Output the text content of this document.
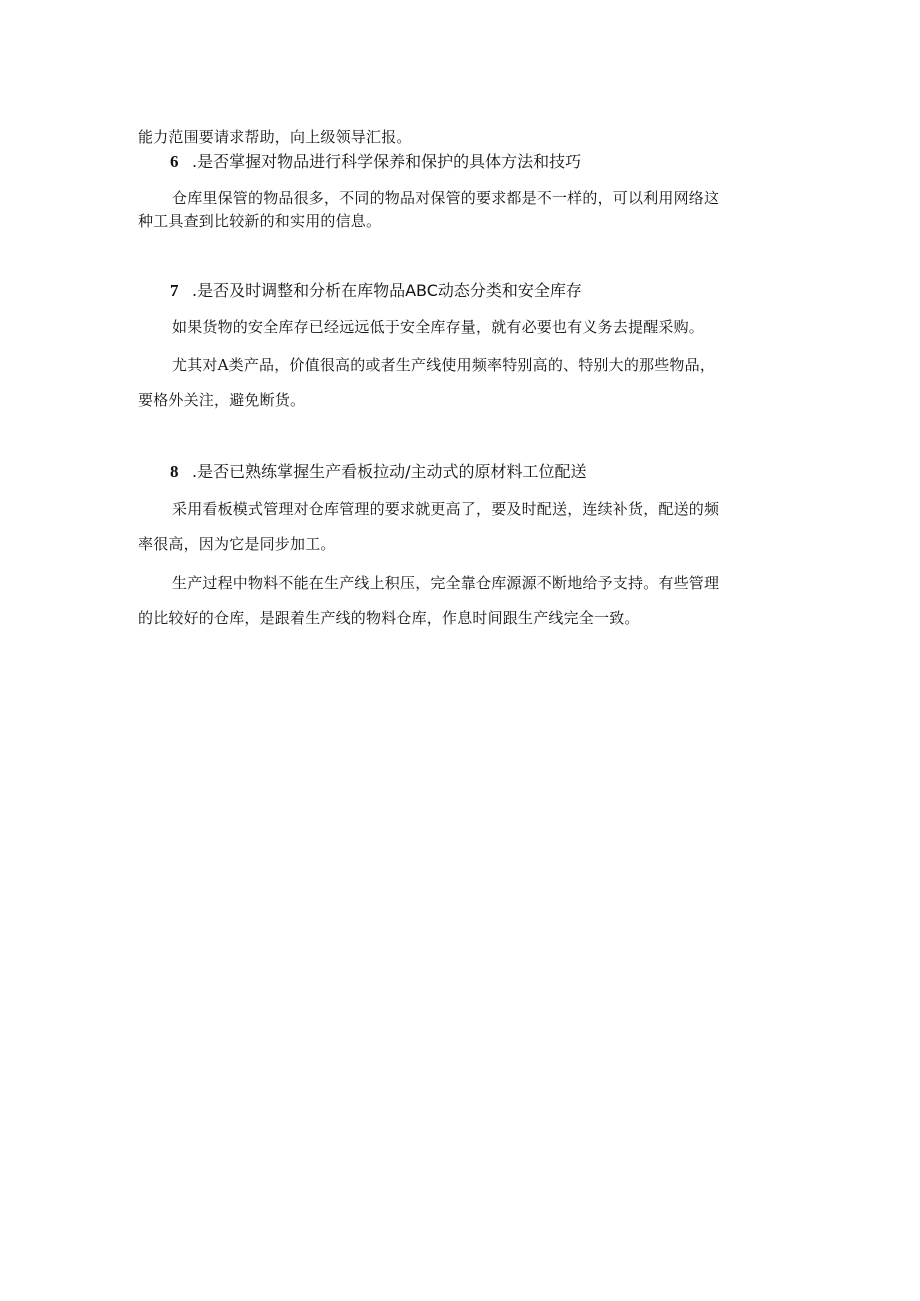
能力范围要请求帮助，向上级领导汇报。
6 .是否掌握对物品进行科学保养和保护的具体方法和技巧
仓库里保管的物品很多，不同的物品对保管的要求都是不一样的，可以利用网络这
种工具查到比较新的和实用的信息。
7 .是否及时调整和分析在库物品ABC动态分类和安全库存
如果货物的安全库存已经远远低于安全库存量，就有必要也有义务去提醒采购。
尤其对A类产品，价值很高的或者生产线使用频率特别高的、特别大的那些物品，
要格外关注，避免断货。
8 .是否已熟练掌握生产看板拉动/主动式的原材料工位配送
采用看板模式管理对仓库管理的要求就更高了，要及时配送，连续补货，配送的频
率很高，因为它是同步加工。
生产过程中物料不能在生产线上积压，完全靠仓库源源不断地给予支持。有些管理
的比较好的仓库，是跟着生产线的物料仓库，作息时间跟生产线完全一致。
